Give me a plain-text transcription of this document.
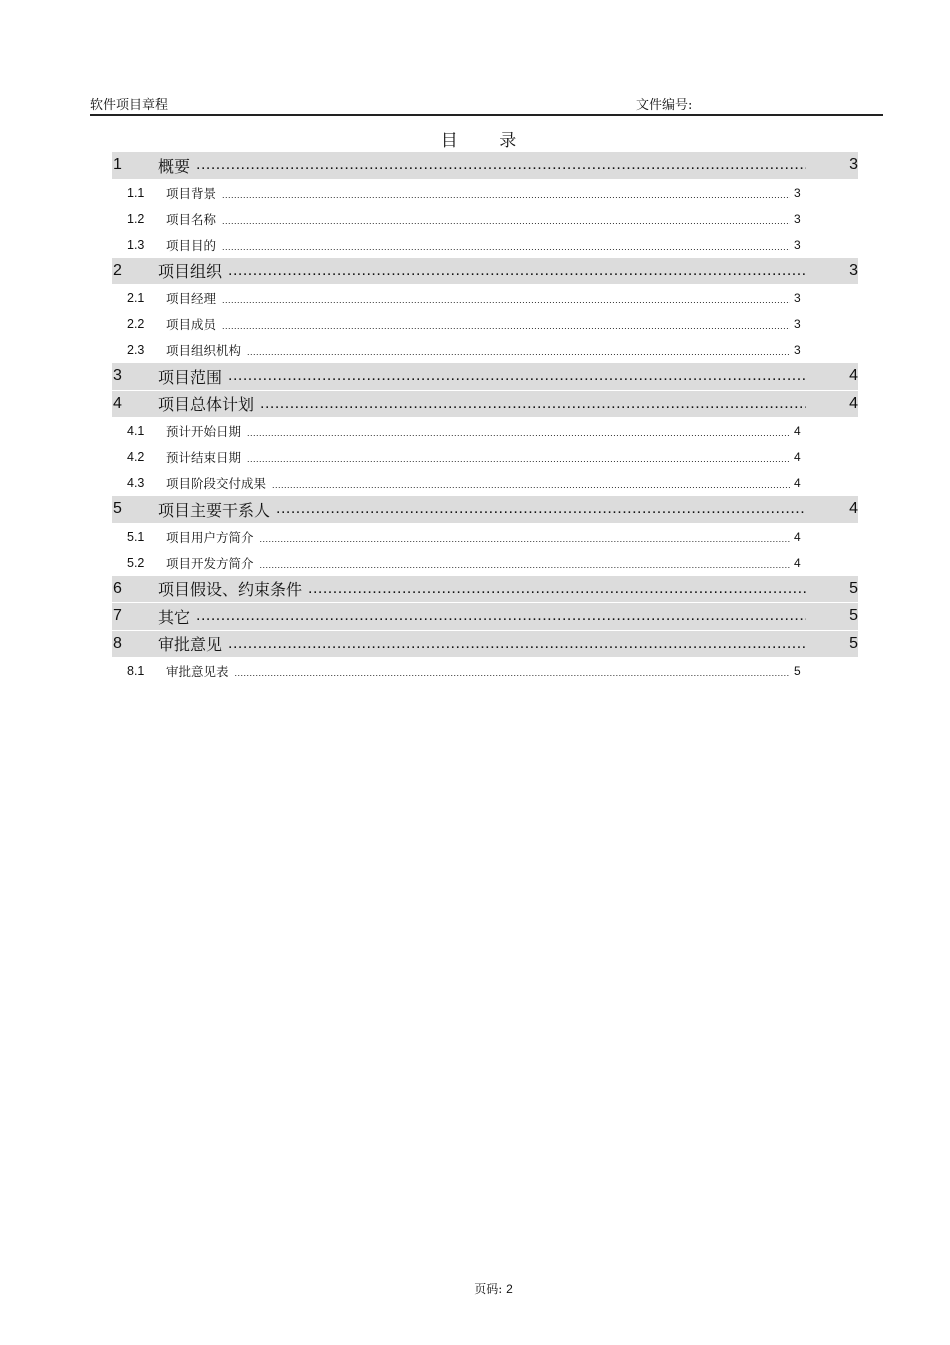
软件项目章程	文件编号:
目 录
1	概要 .....	3
1.1	项目背景 .....	3
1.2	项目名称 .....	3
1.3	项目目的 .....	3
2	项目组织 .....	3
2.1	项目经理 .....	3
2.2	项目成员 .....	3
2.3	项目组织机构 .....	3
3	项目范围 .....	4
4	项目总体计划 .....	4
4.1	预计开始日期 .....	4
4.2	预计结束日期 .....	4
4.3	项目阶段交付成果 .....	4
5	项目主要干系人 .....	4
5.1	项目用户方简介 .....	4
5.2	项目开发方简介 .....	4
6	项目假设、约束条件 .....	5
7	其它 .....	5
8	审批意见 .....	5
8.1	审批意见表 .....	5
页码: 2
